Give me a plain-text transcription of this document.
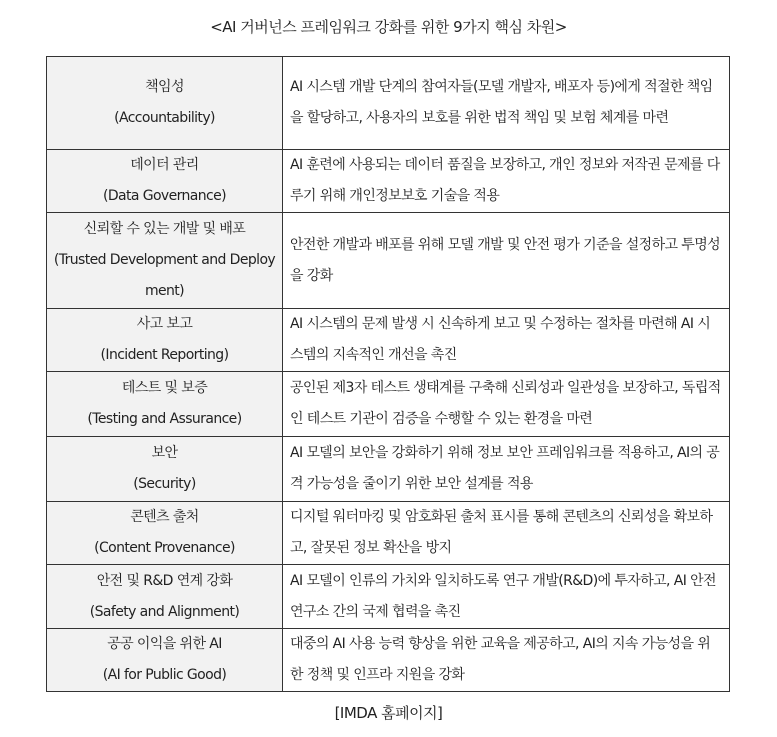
<AI 거버넌스 프레임워크 강화를 위한 9가지 핵심 차원>
책임성
(Accountability)	AI 시스템 개발 단계의 참여자들(모델 개발자, 배포자 등)에게 적절한 책임을 할당하고, 사용자의 보호를 위한 법적 책임 및 보험 체계를 마련

데이터 관리
(Data Governance)	AI 훈련에 사용되는 데이터 품질을 보장하고, 개인 정보와 저작권 문제를 다루기 위해 개인정보보호 기술을 적용

신뢰할 수 있는 개발 및 배포
(Trusted Development and Deployment)	안전한 개발과 배포를 위해 모델 개발 및 안전 평가 기준을 설정하고 투명성을 강화

사고 보고
(Incident Reporting)	AI 시스템의 문제 발생 시 신속하게 보고 및 수정하는 절차를 마련해 AI 시스템의 지속적인 개선을 촉진

테스트 및 보증
(Testing and Assurance)	공인된 제3자 테스트 생태계를 구축해 신뢰성과 일관성을 보장하고, 독립적인 테스트 기관이 검증을 수행할 수 있는 환경을 마련

보안
(Security)	AI 모델의 보안을 강화하기 위해 정보 보안 프레임워크를 적용하고, AI의 공격 가능성을 줄이기 위한 보안 설계를 적용

콘텐츠 출처
(Content Provenance)	디지털 워터마킹 및 암호화된 출처 표시를 통해 콘텐츠의 신뢰성을 확보하고, 잘못된 정보 확산을 방지

안전 및 R&D 연계 강화
(Safety and Alignment)	AI 모델이 인류의 가치와 일치하도록 연구 개발(R&D)에 투자하고, AI 안전 연구소 간의 국제 협력을 촉진

공공 이익을 위한 AI
(AI for Public Good)	대중의 AI 사용 능력 향상을 위한 교육을 제공하고, AI의 지속 가능성을 위한 정책 및 인프라 지원을 강화
[IMDA 홈페이지]
